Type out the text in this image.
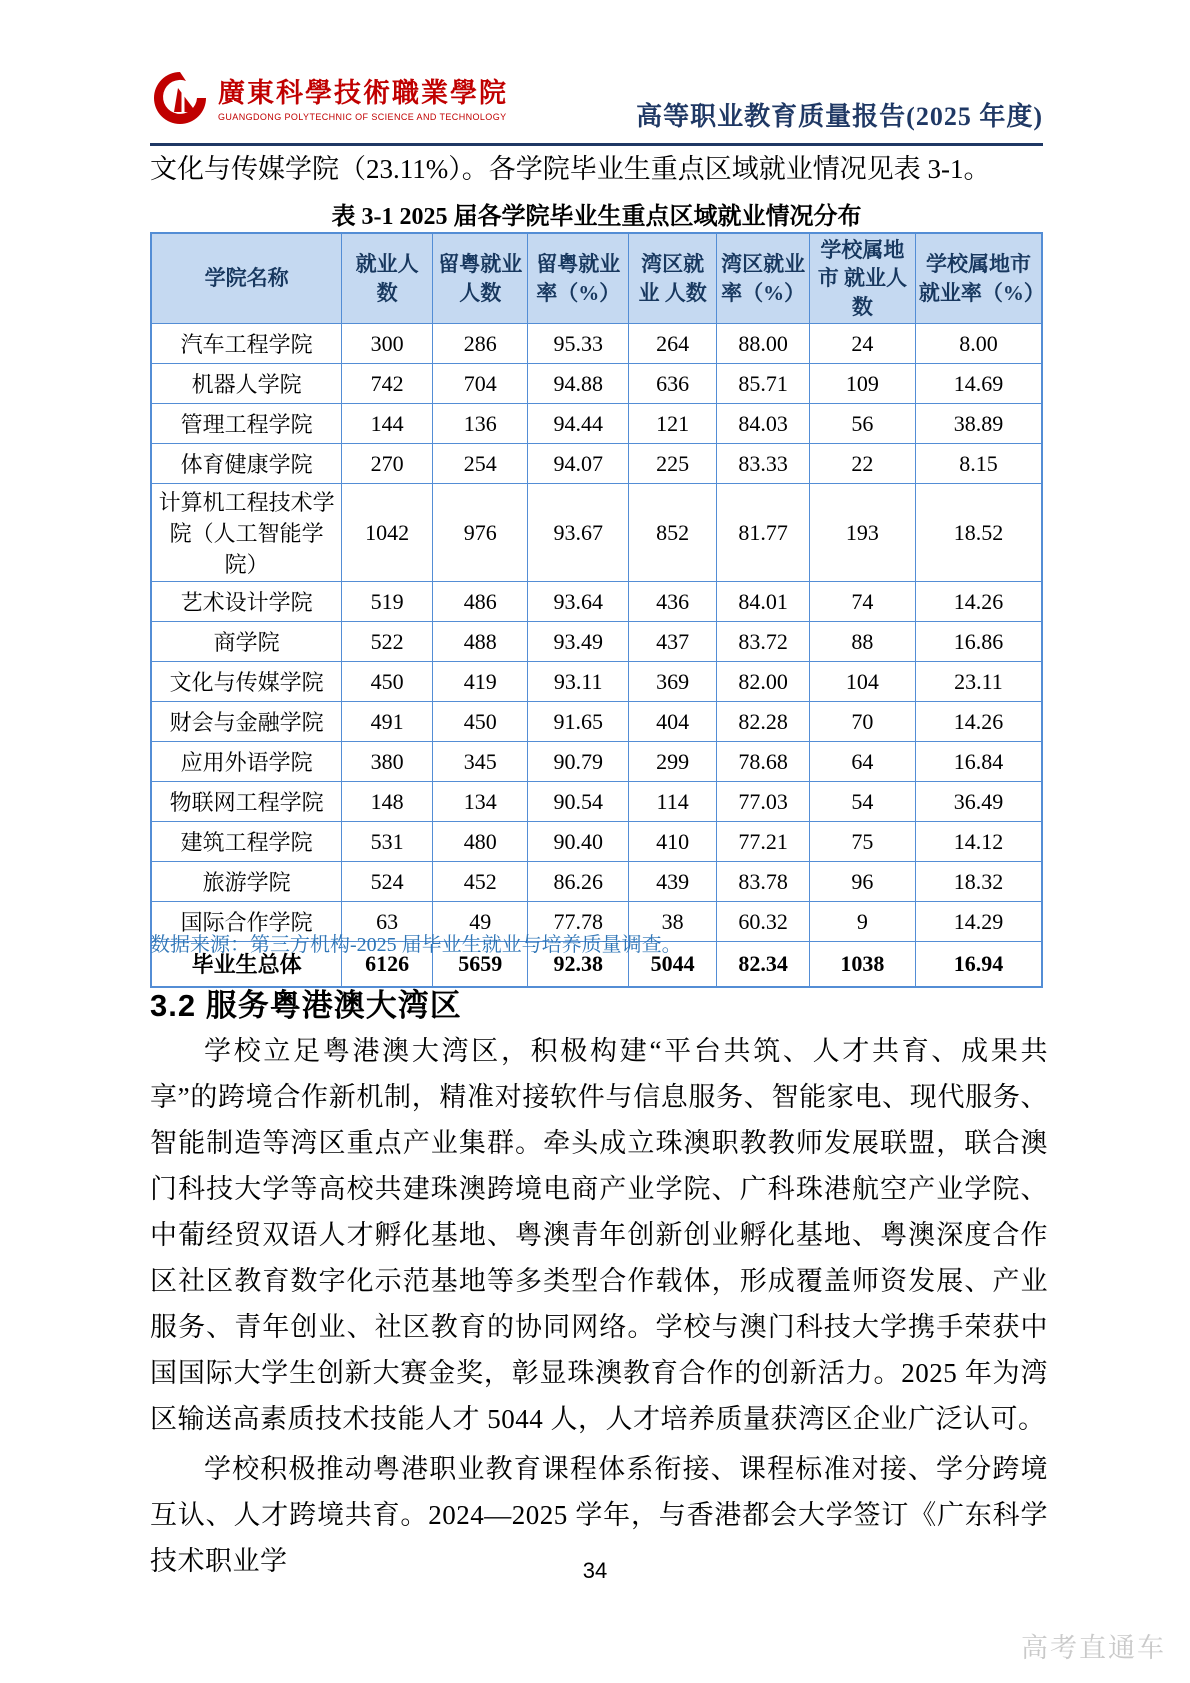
廣東科學技術職業學院
GUANGDONG POLYTECHNIC OF SCIENCE AND TECHNOLOGY	高等职业教育质量报告(2025 年度)
文化与传媒学院（23.11%）。各学院毕业生重点区域就业情况见表 3-1。
表 3-1 2025 届各学院毕业生重点区域就业情况分布
学院名称	就业人数	留粤就业 人数	留粤就业 率（%）	湾区就业 人数	湾区就业 率（%）	学校属地市 就业人数	学校属地市 就业率（%）
汽车工程学院	300	286	95.33	264	88.00	24	8.00
机器人学院	742	704	94.88	636	85.71	109	14.69
管理工程学院	144	136	94.44	121	84.03	56	38.89
体育健康学院	270	254	94.07	225	83.33	22	8.15
计算机工程技术学院（人工智能学院）	1042	976	93.67	852	81.77	193	18.52
艺术设计学院	519	486	93.64	436	84.01	74	14.26
商学院	522	488	93.49	437	83.72	88	16.86
文化与传媒学院	450	419	93.11	369	82.00	104	23.11
财会与金融学院	491	450	91.65	404	82.28	70	14.26
应用外语学院	380	345	90.79	299	78.68	64	16.84
物联网工程学院	148	134	90.54	114	77.03	54	36.49
建筑工程学院	531	480	90.40	410	77.21	75	14.12
旅游学院	524	452	86.26	439	83.78	96	18.32
国际合作学院	63	49	77.78	38	60.32	9	14.29
毕业生总体	6126	5659	92.38	5044	82.34	1038	16.94
数据来源：第三方机构-2025 届毕业生就业与培养质量调查。
3.2 服务粤港澳大湾区

学校立足粤港澳大湾区，积极构建“平台共筑、人才共育、成果共享”的跨境合作新机制，精准对接软件与信息服务、智能家电、现代服务、智能制造等湾区重点产业集群。牵头成立珠澳职教教师发展联盟，联合澳门科技大学等高校共建珠澳跨境电商产业学院、广科珠港航空产业学院、中葡经贸双语人才孵化基地、粤澳青年创新创业孵化基地、粤澳深度合作区社区教育数字化示范基地等多类型合作载体，形成覆盖师资发展、产业服务、青年创业、社区教育的协同网络。学校与澳门科技大学携手荣获中国国际大学生创新大赛金奖，彰显珠澳教育合作的创新活力。2025 年为湾区输送高素质技术技能人才 5044 人，人才培养质量获湾区企业广泛认可。

学校积极推动粤港职业教育课程体系衔接、课程标准对接、学分跨境互认、人才跨境共育。2024—2025 学年，与香港都会大学签订《广东科学技术职业学	34
高考直通车
